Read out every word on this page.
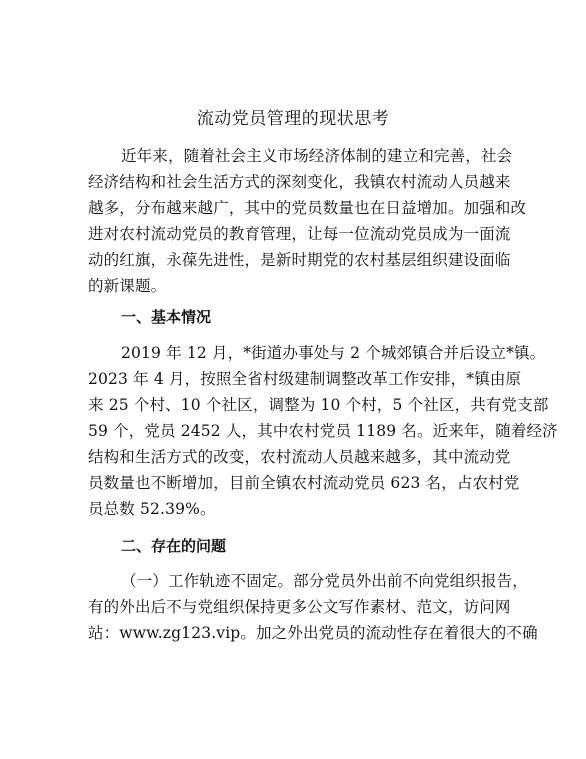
流动党员管理的现状思考
近年来，随着社会主义市场经济体制的建立和完善，社会
经济结构和社会生活方式的深刻变化，我镇农村流动人员越来
越多，分布越来越广，其中的党员数量也在日益增加。加强和改
进对农村流动党员的教育管理，让每一位流动党员成为一面流
动的红旗，永葆先进性，是新时期党的农村基层组织建设面临
的新课题。
一、基本情况
2019 年 12 月，*街道办事处与 2 个城郊镇合并后设立*镇。
2023 年 4 月，按照全省村级建制调整改革工作安排，*镇由原
来 25 个村、10 个社区，调整为 10 个村，5 个社区，共有党支部
59 个，党员 2452 人，其中农村党员 1189 名。近来年，随着经济
结构和生活方式的改变，农村流动人员越来越多，其中流动党
员数量也不断增加，目前全镇农村流动党员 623 名，占农村党
员总数 52.39%。
二、存在的问题
（一）工作轨迹不固定。部分党员外出前不向党组织报告，
有的外出后不与党组织保持更多公文写作素材、范文，访问网
站：www.zg123.vip。加之外出党员的流动性存在着很大的不确
